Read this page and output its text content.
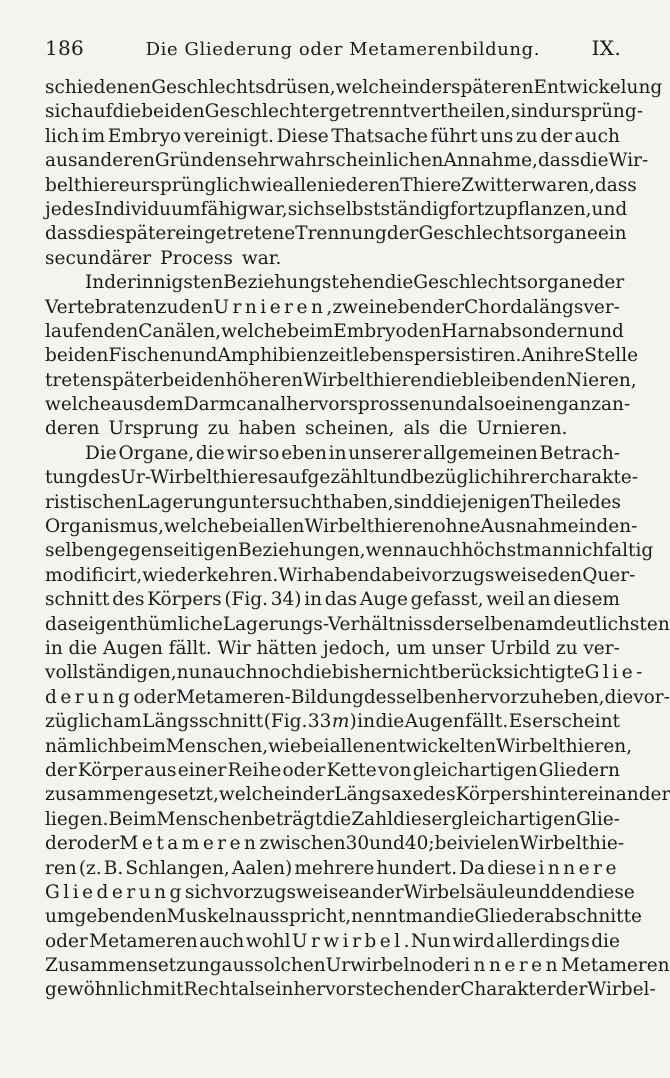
186	Die Gliederung oder Metamerenbildung.	IX.
schiedenen Geschlechtsdrüsen, welche in der späteren Entwickelung
sich auf die beiden Geschlechter getrennt vertheilen, sind ursprüng-
lich im Embryo vereinigt. Diese Thatsache führt uns zu der auch
aus anderen Gründen sehr wahrscheinlichen Annahme, dass die Wir-
belthiere ursprünglich wie alle niederen Thiere Zwitter waren, dass
jedes Individuum fähig war, sich selbstständig fortzupflanzen, und
dass die später eingetretene Trennung der Geschlechtsorgane ein
secundärer Process war.
In der innigsten Beziehung stehen die Geschlechtsorgane der
Vertebraten zu den Urnieren, zwei neben der Chorda längs ver-
laufenden Canälen, welche beim Embryo den Harn absondern und
bei den Fischen und Amphibien zeitlebens persistiren. An ihre Stelle
treten später bei den höheren Wirbelthieren die bleibenden Nieren,
welche aus dem Darmcanal hervorsprossen und also einen ganz an-
deren Ursprung zu haben scheinen, als die Urnieren.
Die Organe, die wir so eben in unserer allgemeinen Betrach-
tung des Ur-Wirbelthieres aufgezählt und bezüglich ihrer charakte-
ristischen Lagerung untersucht haben, sind diejenigen Theile des
Organismus, welche bei allen Wirbelthieren ohne Ausnahme in den-
selben gegenseitigen Beziehungen, wenn auch höchst mannichfaltig
modificirt, wiederkehren. Wir haben dabei vorzugsweise den Quer-
schnitt des Körpers (Fig. 34) in das Auge gefasst, weil an diesem
das eigenthümliche Lagerungs-Verhältniss derselben am deutlichsten
in die Augen fällt. Wir hätten jedoch, um unser Urbild zu ver-
vollständigen, nun auch noch die bisher nicht berücksichtigte Glie-
derung oder Metameren-Bildung desselben hervorzuheben, die vor-
züglich am Längsschnitt (Fig. 33 m) in die Augen fällt. Es erscheint
nämlich beim Menschen, wie bei allen entwickelten Wirbelthieren,
der Körper aus einer Reihe oder Kette von gleichartigen Gliedern
zusammengesetzt, welche in der Längsaxe des Körpers hintereinander
liegen. Beim Menschen beträgt die Zahl dieser gleichartigen Glie-
der oder Metameren zwischen 30 und 40; bei vielen Wirbelthie-
ren (z. B. Schlangen, Aalen) mehrere hundert. Da diese innere
Gliederung sich vorzugsweise an der Wirbelsäule und den diese
umgebenden Muskeln ausspricht, nennt man die Gliederabschnitte
oder Metameren auch wohl Urwirbel. Nun wird allerdings die
Zusammensetzung aus solchen Urwirbeln oder inneren Metameren
gewöhnlich mit Recht als ein hervorstechender Charakter der Wirbel-
